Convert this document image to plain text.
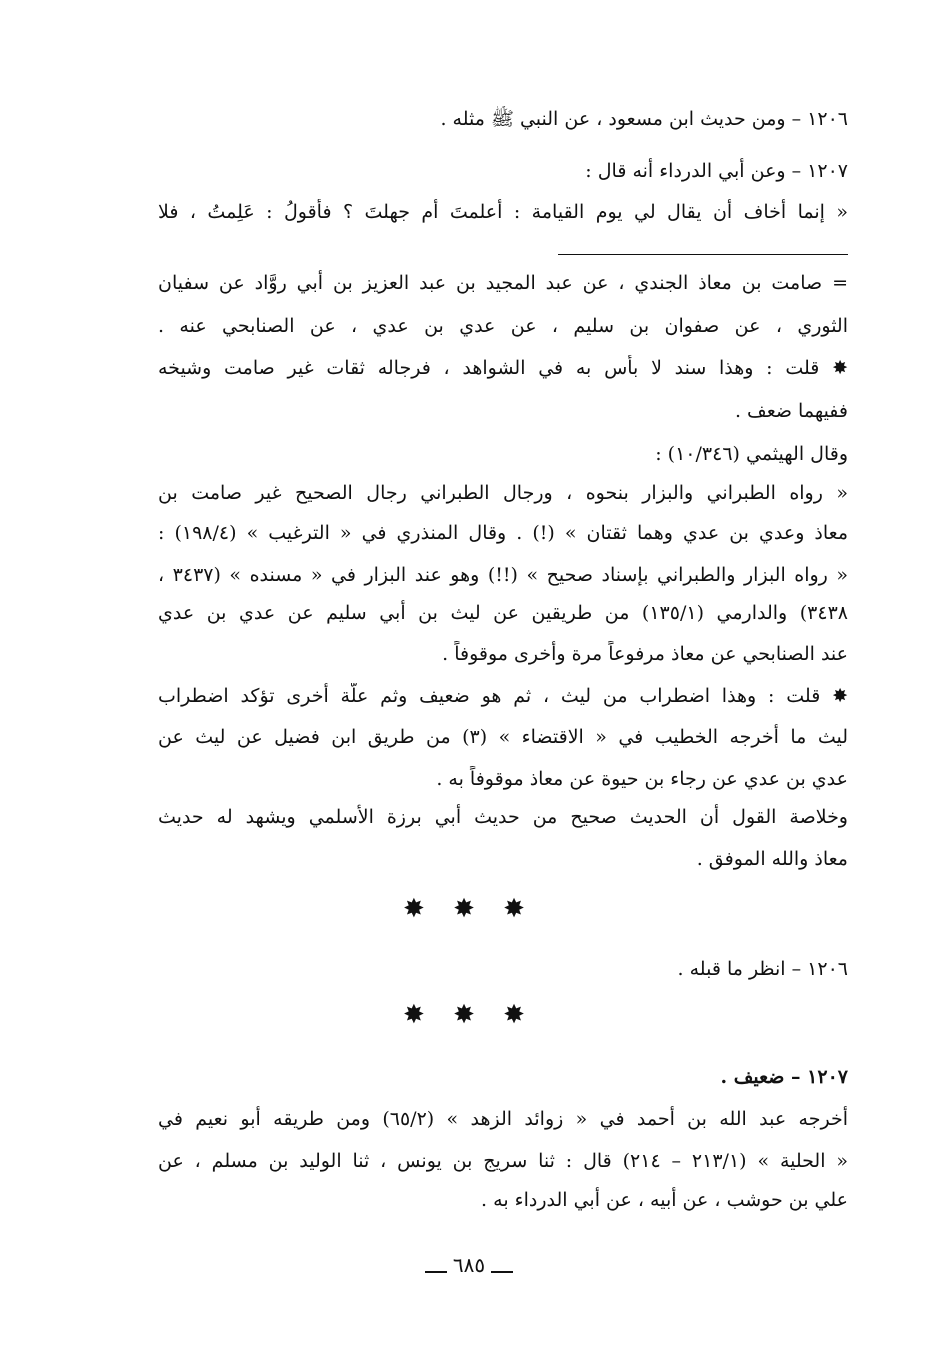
١٢٠٦ – ومن حديث ابن مسعود ، عن النبي ﷺ مثله .
١٢٠٧ – وعن أبي الدرداء أنه قال :
« إنما أخاف أن يقال لي يوم القيامة : أعلمتَ أم جهلتَ ؟ فأقولُ : عَلِمتُ ، فلا
= صامت بن معاذ الجندي ، عن عبد المجيد بن عبد العزيز بن أبي روَّاد عن سفيان
الثوري ، عن صفوان بن سليم ، عن عدي بن عدي ، عن الصنابحي عنه .
✸ قلت : وهذا سند لا بأس به في الشواهد ، فرجاله ثقات غير صامت وشيخه
ففيهما ضعف .
وقال الهيثمي (١٠/٣٤٦) :
« رواه الطبراني والبزار بنحوه ، ورجال الطبراني رجال الصحيح غير صامت بن
معاذ وعدي بن عدي وهما ثقتان » (!) . وقال المنذري في « الترغيب » (١٩٨/٤) :
« رواه البزار والطبراني بإسناد صحيح » (!!) وهو عند البزار في « مسنده » (٣٤٣٧ ،
٣٤٣٨) والدارمي (١٣٥/١) من طريقين عن ليث بن أبي سليم عن عدي بن عدي
عند الصنابحي عن معاذ مرفوعاً مرة وأخرى موقوفاً .
✸ قلت : وهذا اضطراب من ليث ، ثم هو ضعيف وثم علَّة أخرى تؤكد اضطراب
ليث ما أخرجه الخطيب في « الاقتضاء » (٣) من طريق ابن فضيل عن ليث عن
عدي بن عدي عن رجاء بن حيوة عن معاذ موقوفاً به .
وخلاصة القول أن الحديث صحيح من حديث أبي برزة الأسلمي ويشهد له حديث
معاذ والله الموفق .
✸ ✸ ✸
١٢٠٦ – انظر ما قبله .
✸ ✸ ✸
١٢٠٧ – ضعيف .
أخرجه عبد الله بن أحمد في « زوائد الزهد » (٦٥/٢) ومن طريقه أبو نعيم في
« الحلية » (٢١٣/١ – ٢١٤) قال : ثنا سريج بن يونس ، ثنا الوليد بن مسلم ، عن
علي بن حوشب ، عن أبيه ، عن أبي الدرداء به .
٦٨٥
